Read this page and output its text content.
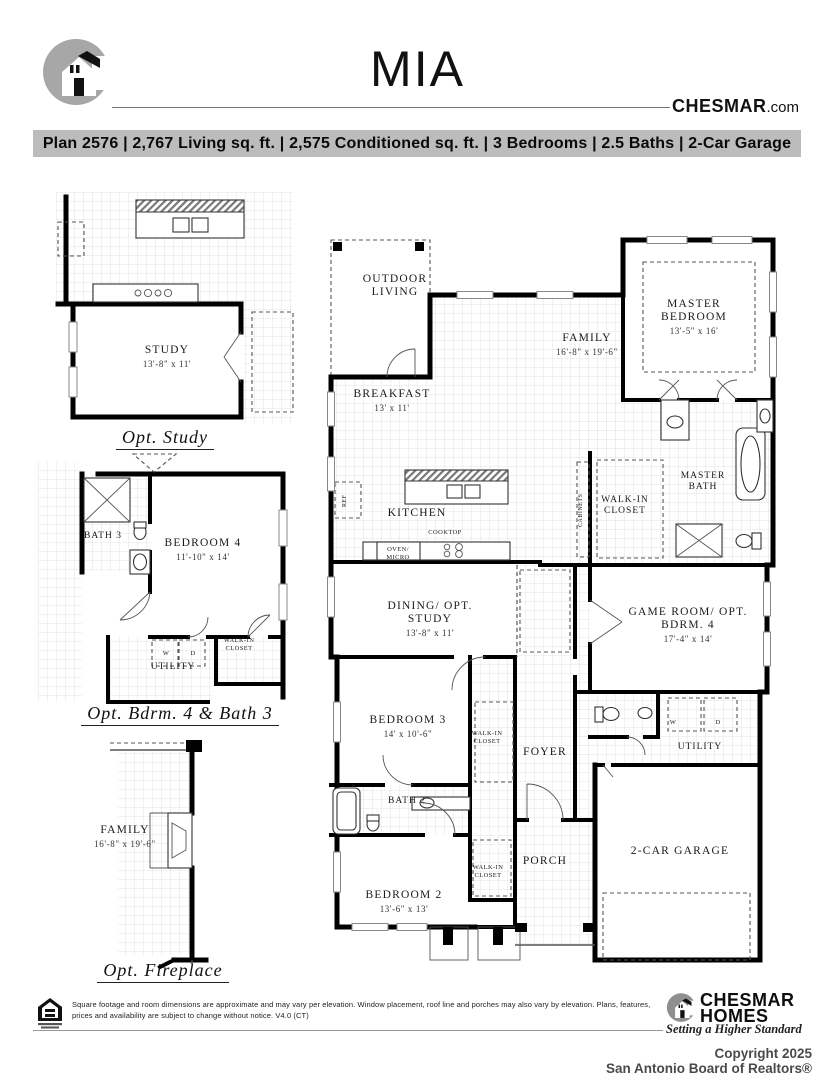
MIA
CHESMAR.com
Plan 2576 | 2,767 Living sq. ft. | 2,575 Conditioned sq. ft. | 3 Bedrooms | 2.5 Baths | 2-Car Garage
STUDY
13'-8" x 11'
Opt. Study
BEDROOM 4
11'-10" x 14'
BATH 3
W	D
UTILITY
WALK-IN CLOSET
Opt. Bdrm. 4 & Bath 3
FAMILY
16'-8" x 19'-6"
Opt. Fireplace
OUTDOOR LIVING
FAMILY
16'-8" x 19'-6"
MASTER BEDROOM
13'-5" x 16'
BREAKFAST
13' x 11'
KITCHEN
MASTER BATH
WALK-IN CLOSET
CABINETS
REF
OVEN/ MICRO
COOKTOP
DINING/ OPT. STUDY
13'-8" x 11'
GAME ROOM/ OPT. BDRM. 4
17'-4" x 14'
BEDROOM 3
14' x 10'-6"	WALK-IN CLOSET
FOYER
W	D
UTILITY
BATH 2
PORCH
WALK-IN CLOSET
BEDROOM 2
13'-6" x 13'
2-CAR GARAGE
Square footage and room dimensions are approximate and may vary per elevation. Window placement, roof line and porches may also vary by elevation. Plans, features,
prices and availability are subject to change without notice. V4.0 (CT)
CHESMAR
HOMES
Setting a Higher Standard
Copyright 2025
San Antonio Board of Realtors®
